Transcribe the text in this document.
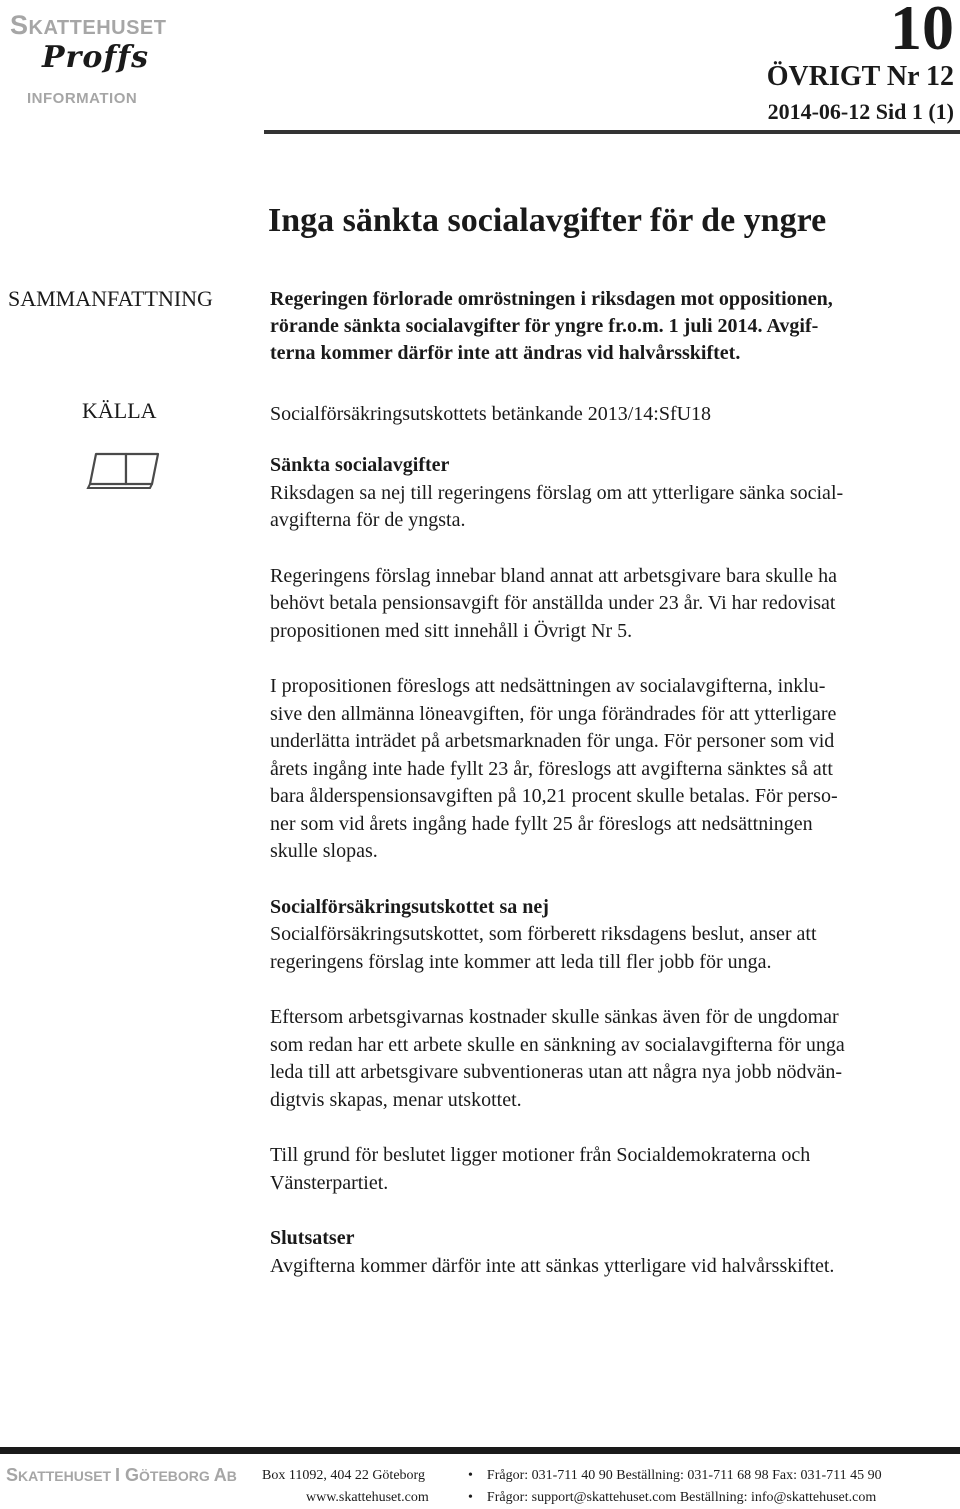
SKATTEHUSET
Proffs
INFORMATION
10
ÖVRIGT Nr 12
2014-06-12 Sid 1 (1)
Inga sänkta socialavgifter för de yngre
SAMMANFATTNING	Regeringen förlorade omröstningen i riksdagen mot oppositionen,
rörande sänkta socialavgifter för yngre fr.o.m. 1 juli 2014. Avgif-
terna kommer därför inte att ändras vid halvårsskiftet.
KÄLLA	Socialförsäkringsutskottets betänkande 2013/14:SfU18

Sänkta socialavgifter
Riksdagen sa nej till regeringens förslag om att ytterligare sänka social-
avgifterna för de yngsta.

Regeringens förslag innebar bland annat att arbetsgivare bara skulle ha
behövt betala pensionsavgift för anställda under 23 år. Vi har redovisat
propositionen med sitt innehåll i Övrigt Nr 5.

I propositionen föreslogs att nedsättningen av socialavgifterna, inklu-
sive den allmänna löneavgiften, för unga förändrades för att ytterligare
underlätta inträdet på arbetsmarknaden för unga. För personer som vid
årets ingång inte hade fyllt 23 år, föreslogs att avgifterna sänktes så att
bara ålderspensionsavgiften på 10,21 procent skulle betalas. För perso-
ner som vid årets ingång hade fyllt 25 år föreslogs att nedsättningen
skulle slopas.

Socialförsäkringsutskottet sa nej
Socialförsäkringsutskottet, som förberett riksdagens beslut, anser att
regeringens förslag inte kommer att leda till fler jobb för unga.

Eftersom arbetsgivarnas kostnader skulle sänkas även för de ungdomar
som redan har ett arbete skulle en sänkning av socialavgifterna för unga
leda till att arbetsgivare subventioneras utan att några nya jobb nödvän-
digtvis skapas, menar utskottet.

Till grund för beslutet ligger motioner från Socialdemokraterna och
Vänsterpartiet.

Slutsatser
Avgifterna kommer därför inte att sänkas ytterligare vid halvårsskiftet.

SKATTEHUSET I GÖTEBORG AB Box 11092, 404 22 Göteborg
www.skattehuset.com
• Frågor: 031-711 40 90 Beställning: 031-711 68 98 Fax: 031-711 45 90
• Frågor: support@skattehuset.com Beställning: info@skattehuset.com
